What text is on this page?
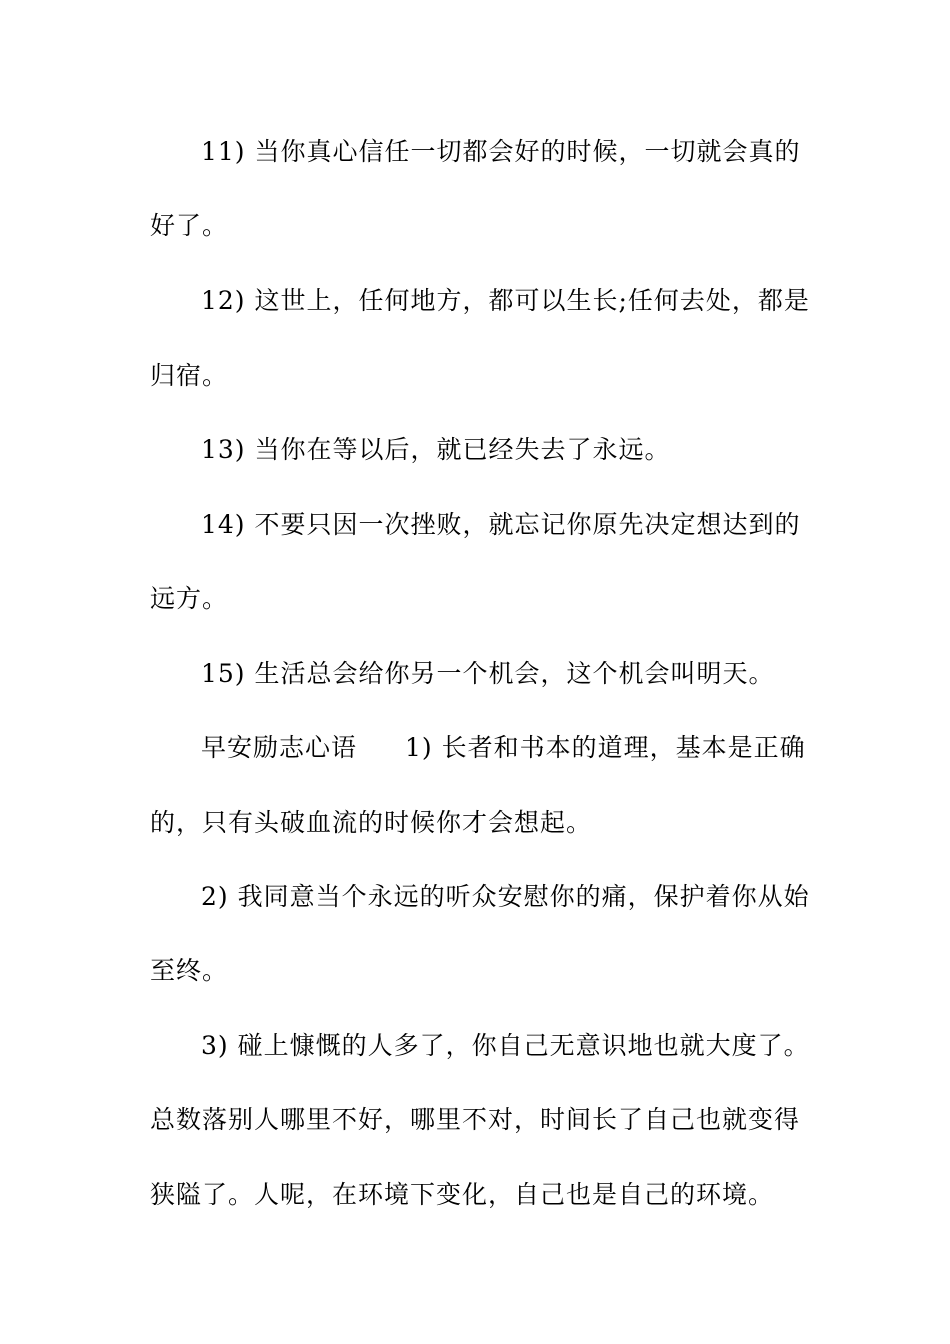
11) 当你真心信任一切都会好的时候，一切就会真的
好了。
12) 这世上，任何地方，都可以生长;任何去处，都是
归宿。
13) 当你在等以后，就已经失去了永远。
14) 不要只因一次挫败，就忘记你原先决定想达到的
远方。
15) 生活总会给你另一个机会，这个机会叫明天。
早安励志心语 1) 长者和书本的道理，基本是正确
的，只有头破血流的时候你才会想起。
2) 我同意当个永远的听众安慰你的痛，保护着你从始
至终。
3) 碰上慷慨的人多了，你自己无意识地也就大度了。
总数落别人哪里不好，哪里不对，时间长了自己也就变得
狭隘了。人呢，在环境下变化，自己也是自己的环境。
